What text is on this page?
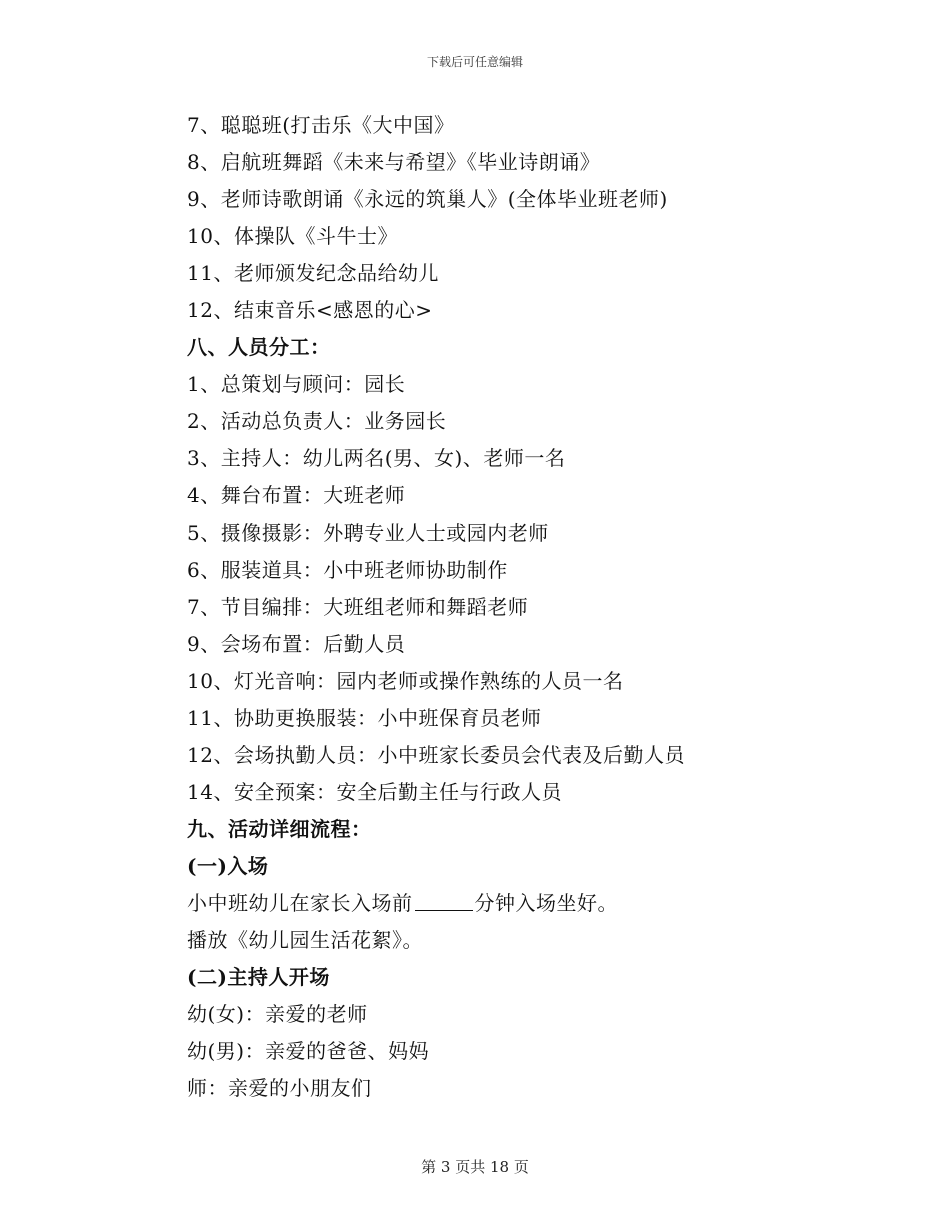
下载后可任意编辑
7、聪聪班(打击乐《大中国》
8、启航班舞蹈《未来与希望》《毕业诗朗诵》
9、老师诗歌朗诵《永远的筑巢人》(全体毕业班老师)
10、体操队《斗牛士》
11、老师颁发纪念品给幼儿
12、结束音乐<感恩的心>
八、人员分工：
1、总策划与顾问：园长
2、活动总负责人：业务园长
3、主持人：幼儿两名(男、女)、老师一名
4、舞台布置：大班老师
5、摄像摄影：外聘专业人士或园内老师
6、服装道具：小中班老师协助制作
7、节目编排：大班组老师和舞蹈老师
9、会场布置：后勤人员
10、灯光音响：园内老师或操作熟练的人员一名
11、协助更换服装：小中班保育员老师
12、会场执勤人员：小中班家长委员会代表及后勤人员
14、安全预案：安全后勤主任与行政人员
九、活动详细流程：
(一)入场
小中班幼儿在家长入场前	分钟入场坐好。
播放《幼儿园生活花絮》。
(二)主持人开场
幼(女)：亲爱的老师
幼(男)：亲爱的爸爸、妈妈
师：亲爱的小朋友们
第 3 页共 18 页
